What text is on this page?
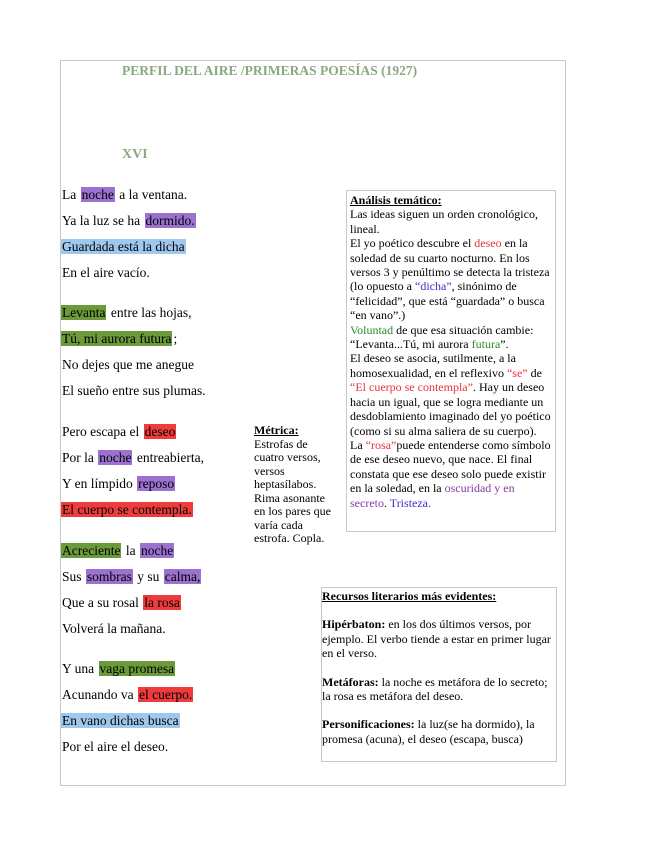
PERFIL DEL AIRE /PRIMERAS POESÍAS (1927)
XVI
La noche a la ventana.
Ya la luz se ha dormido.
Guardada está la dicha
En el aire vacío.
Levanta entre las hojas,
Tú, mi aurora futura ;
No dejes que me anegue
El sueño entre sus plumas.
Pero escapa el deseo
Por la noche entreabierta,
Y en límpido reposo
El cuerpo se contempla.
Acreciente la noche
Sus sombras y su calma,
Que a su rosal la rosa
Volverá la mañana.
Y una vaga promesa
Acunando va el cuerpo.
En vano dichas busca
Por el aire el deseo.
Métrica:
Estrofas de cuatro versos, versos heptasílabos. Rima asonante en los pares que varía cada estrofa. Copla.
Análisis temático:
Las ideas siguen un orden cronológico, lineal.
El yo poético descubre el deseo en la soledad de su cuarto nocturno. En los versos 3 y penúltimo se detecta la tristeza (lo opuesto a “dicha”, sinónimo de “felicidad”, que está “guardada” o busca “en vano”.)
Voluntad de que esa situación cambie: “Levanta...Tú, mi aurora futura”.
El deseo se asocia, sutilmente, a la homosexualidad, en el reflexivo “se” de “El cuerpo se contempla”. Hay un deseo hacia un igual, que se logra mediante un desdoblamiento imaginado del yo poético (como si su alma saliera de su cuerpo).
La “rosa”puede entenderse como símbolo de ese deseo nuevo, que nace. El final constata que ese deseo solo puede existir en la soledad, en la oscuridad y en secreto. Tristeza.
Recursos literarios más evidentes:

Hipérbaton: en los dos últimos versos, por ejemplo. El verbo tiende a estar en primer lugar en el verso.

Metáforas: la noche es metáfora de lo secreto; la rosa es metáfora del deseo.

Personificaciones: la luz(se ha dormido), la promesa (acuna), el deseo (escapa, busca)
